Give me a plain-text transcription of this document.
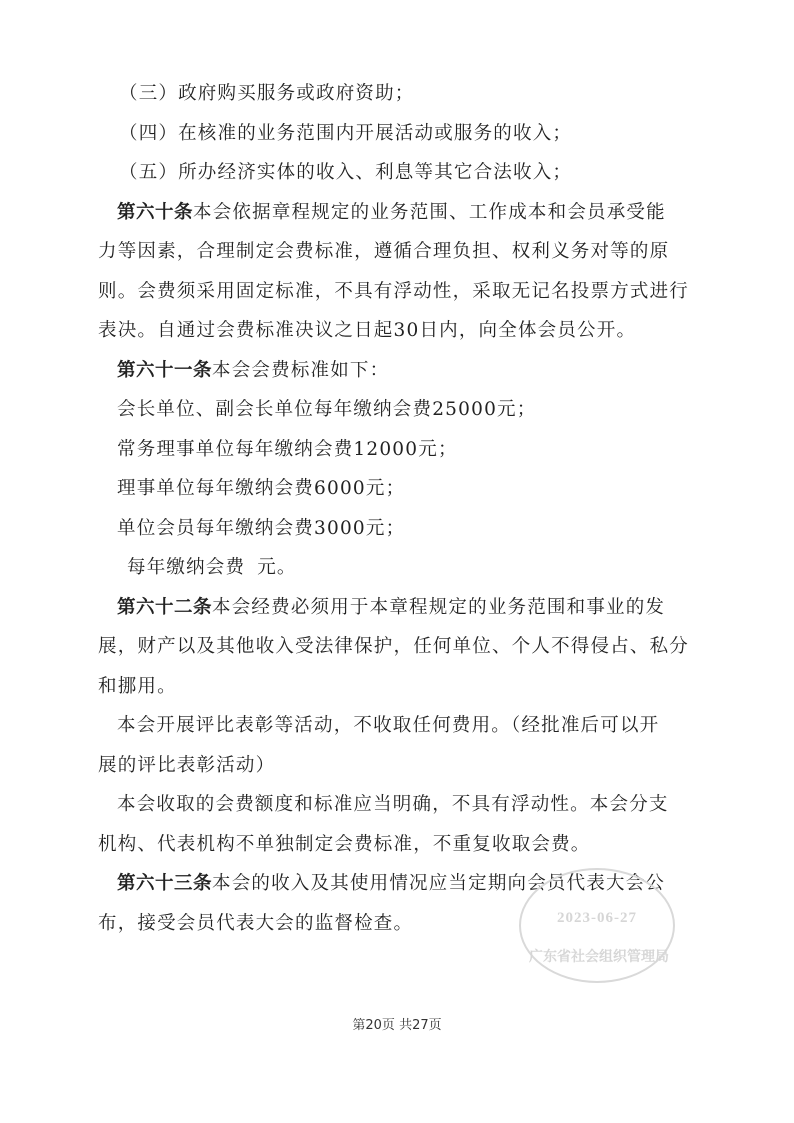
（三）政府购买服务或政府资助；

（四）在核准的业务范围内开展活动或服务的收入；

（五）所办经济实体的收入、利息等其它合法收入；

第六十条本会依据章程规定的业务范围、工作成本和会员承受能

力等因素，合理制定会费标准，遵循合理负担、权利义务对等的原

则。会费须采用固定标准，不具有浮动性，采取无记名投票方式进行

表决。自通过会费标准决议之日起30日内，向全体会员公开。

第六十一条本会会费标准如下：

会长单位、副会长单位每年缴纳会费25000元；

常务理事单位每年缴纳会费12000元；

理事单位每年缴纳会费6000元；

单位会员每年缴纳会费3000元；

每年缴纳会费 元。

第六十二条本会经费必须用于本章程规定的业务范围和事业的发

展，财产以及其他收入受法律保护，任何单位、个人不得侵占、私分

和挪用。

本会开展评比表彰等活动，不收取任何费用。（经批准后可以开

展的评比表彰活动）

本会收取的会费额度和标准应当明确，不具有浮动性。本会分支

机构、代表机构不单独制定会费标准，不重复收取会费。

第六十三条本会的收入及其使用情况应当定期向会员代表大会公

布，接受会员代表大会的监督检查。	2023-06-27
广东省社会组织管理局
第20页 共27页
